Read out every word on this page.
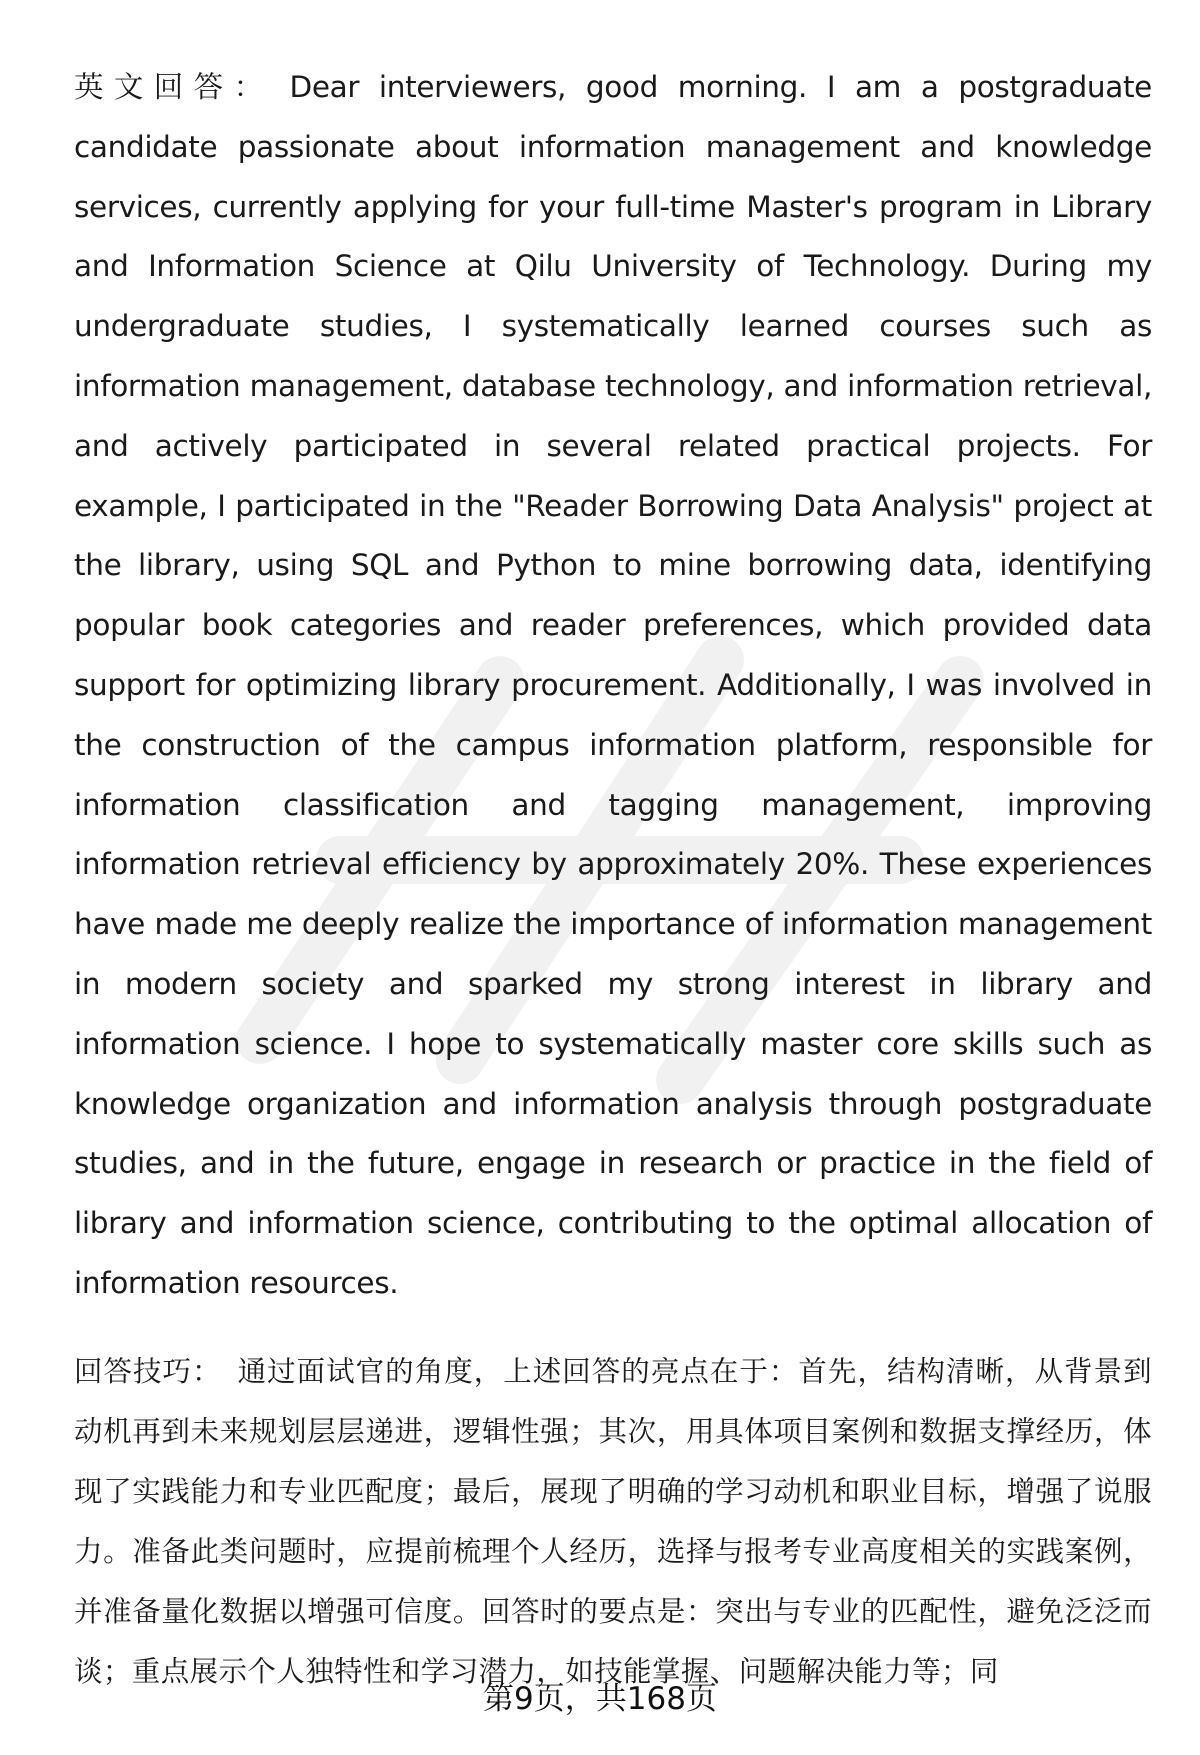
英文回答： Dear interviewers, good morning. I am a postgraduate candidate passionate about information management and knowledge services, currently applying for your full-time Master's program in Library and Information Science at Qilu University of Technology. During my undergraduate studies, I systematically learned courses such as information management, database technology, and information retrieval, and actively participated in several related practical projects. For example, I participated in the "Reader Borrowing Data Analysis" project at the library, using SQL and Python to mine borrowing data, identifying popular book categories and reader preferences, which provided data support for optimizing library procurement. Additionally, I was involved in the construction of the campus information platform, responsible for information classification and tagging management, improving information retrieval efficiency by approximately 20%. These experiences have made me deeply realize the importance of information management in modern society and sparked my strong interest in library and information science. I hope to systematically master core skills such as knowledge organization and information analysis through postgraduate studies, and in the future, engage in research or practice in the field of library and information science, contributing to the optimal allocation of information resources.

回答技巧： 通过面试官的角度，上述回答的亮点在于：首先，结构清晰，从背景到动机再到未来规划层层递进，逻辑性强；其次，用具体项目案例和数据支撑经历，体现了实践能力和专业匹配度；最后，展现了明确的学习动机和职业目标，增强了说服力。准备此类问题时，应提前梳理个人经历，选择与报考专业高度相关的实践案例，并准备量化数据以增强可信度。回答时的要点是：突出与专业的匹配性，避免泛泛而谈；重点展示个人独特性和学习潜力，如技能掌握、问题解决能力等；同

第9页，共168页
